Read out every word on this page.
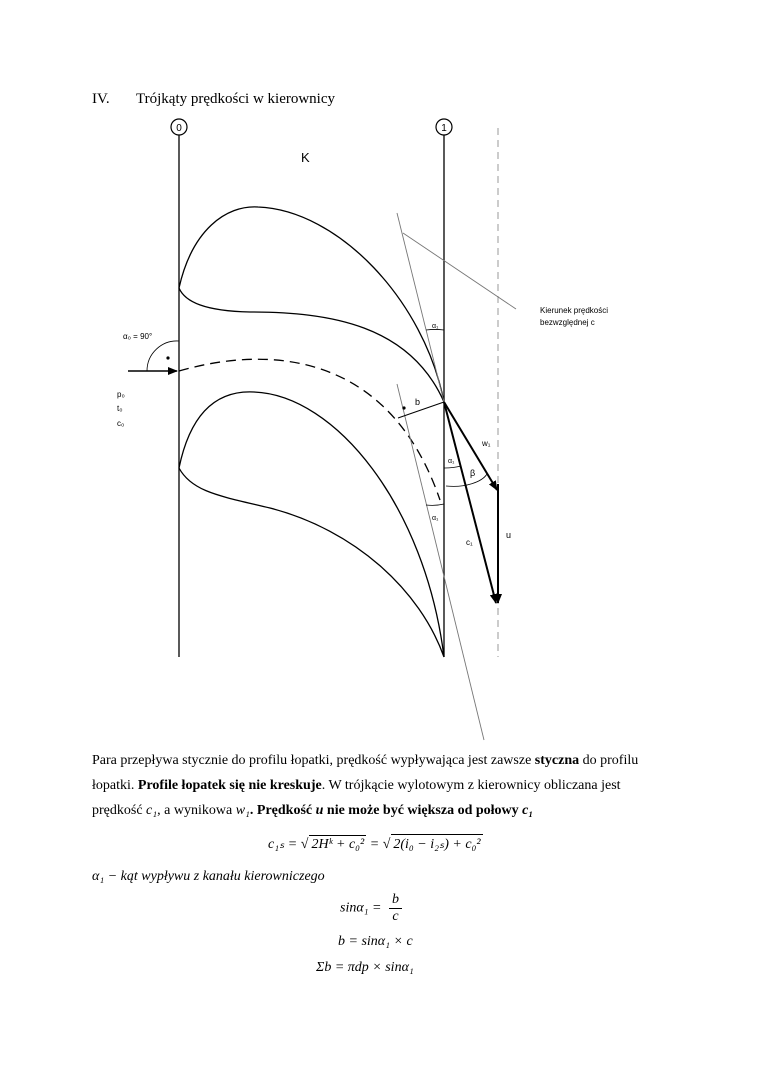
IV. Trójkąty prędkości w kierownicy
0	1
K
α₀ = 90°
p₀
t₀
c₀
Kierunek prędkości
bezwzględnej c
b
α₁
α₁
α₁
β
w₁
u
c₁
Para przepływa stycznie do profilu łopatki, prędkość wypływająca jest zawsze styczna do profilu
łopatki. Profile łopatek się nie kreskuje. W trójkącie wylotowym z kierownicy obliczana jest
prędkość c₁, a wynikowa w₁. Prędkość u nie może być większa od połowy c₁
c₁ₛ = √ 2Hᵏ + c₀² = √ 2(i₀ − i₂ₛ) + c₀²
α₁ − kąt wypływu z kanału kierowniczego
$\sin\alpha_1 = \frac{b}{c}$
b = sinα₁ × c
Σb = πdp × sinα₁
